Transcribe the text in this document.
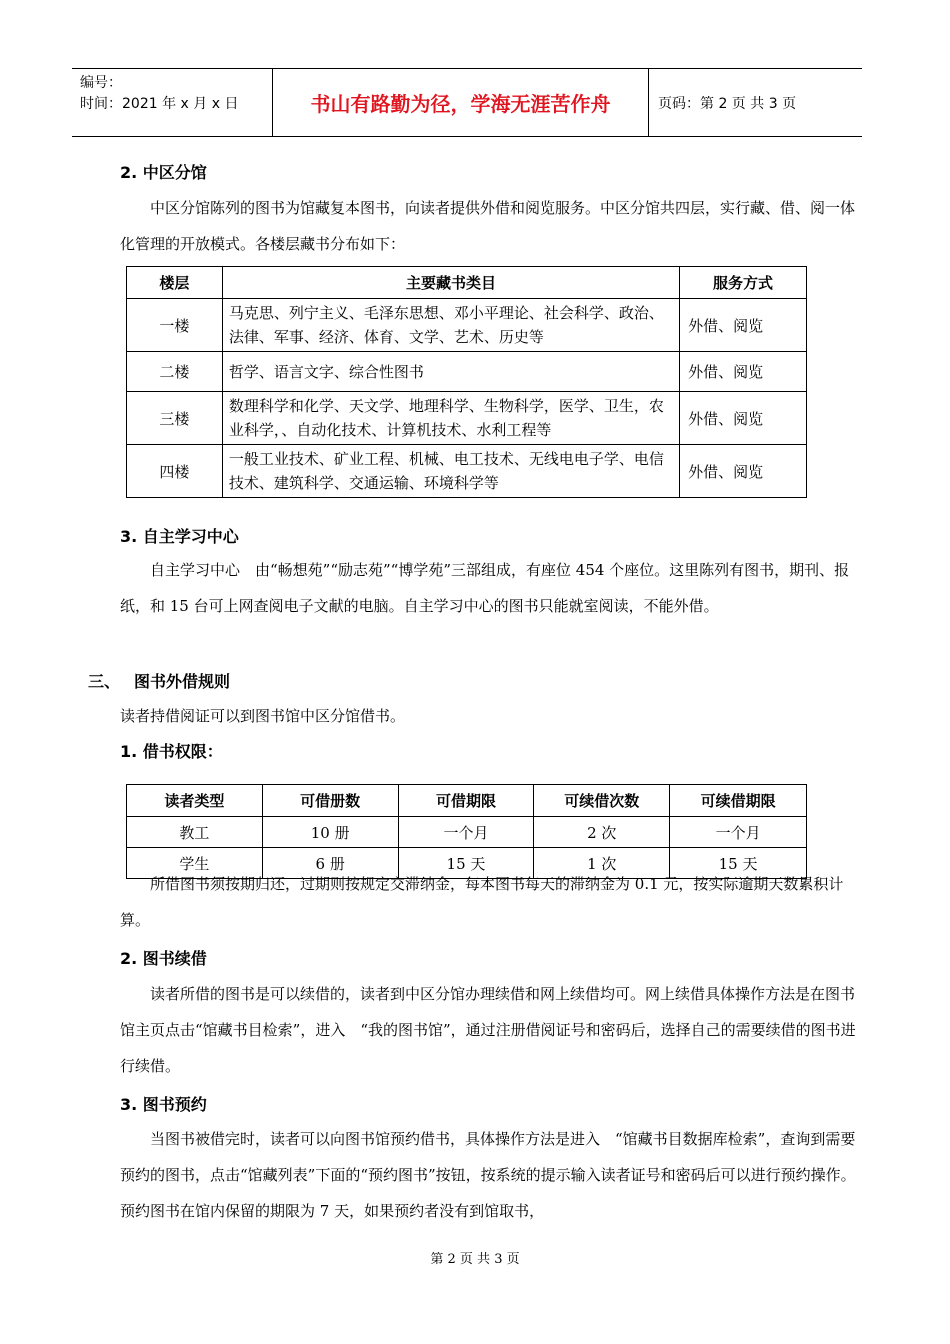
编号：
时间：2021 年 x 月 x 日	书山有路勤为径，学海无涯苦作舟	页码：第 2 页 共 3 页
2. 中区分馆
中区分馆陈列的图书为馆藏复本图书，向读者提供外借和阅览服务。中区分馆共四层，实行藏、借、阅一体化管理的开放模式。各楼层藏书分布如下：
楼层	主要藏书类目	服务方式
一楼	马克思、列宁主义、毛泽东思想、邓小平理论、社会科学、政治、法律、军事、经济、体育、文学、艺术、历史等	外借、阅览
二楼	哲学、语言文字、综合性图书	外借、阅览
三楼	数理科学和化学、天文学、地理科学、生物科学，医学、卫生，农业科学，、自动化技术、计算机技术、水利工程等	外借、阅览
四楼	一般工业技术、矿业工程、机械、电工技术、无线电电子学、电信技术、建筑科学、交通运输、环境科学等	外借、阅览
3. 自主学习中心
自主学习中心　由“畅想苑”“励志苑”“博学苑”三部组成，有座位 454 个座位。这里陈列有图书，期刊、报纸，和 15 台可上网查阅电子文献的电脑。自主学习中心的图书只能就室阅读，不能外借。
三、 图书外借规则
读者持借阅证可以到图书馆中区分馆借书。
1. 借书权限：
读者类型	可借册数	可借期限	可续借次数	可续借期限
教工	10 册	一个月	2 次	一个月
学生	6 册	15 天	1 次	15 天
所借图书须按期归还，过期则按规定交滞纳金，每本图书每天的滞纳金为 0.1 元，按实际逾期天数累积计算。
2. 图书续借
读者所借的图书是可以续借的，读者到中区分馆办理续借和网上续借均可。网上续借具体操作方法是在图书馆主页点击“馆藏书目检索”，进入　“我的图书馆”，通过注册借阅证号和密码后，选择自己的需要续借的图书进行续借。
3. 图书预约
当图书被借完时，读者可以向图书馆预约借书，具体操作方法是进入　“馆藏书目数据库检索”，查询到需要预约的图书，点击“馆藏列表”下面的“预约图书”按钮，按系统的提示输入读者证号和密码后可以进行预约操作。预约图书在馆内保留的期限为 7 天，如果预约者没有到馆取书，
第 2 页 共 3 页
